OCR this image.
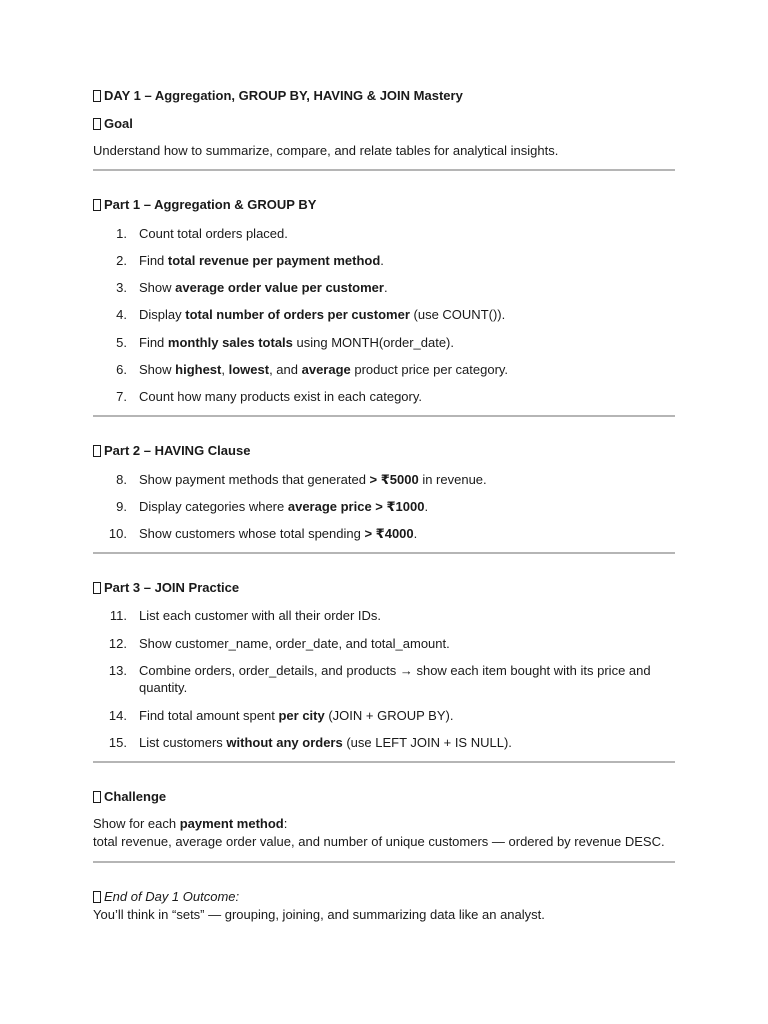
DAY 1 – Aggregation, GROUP BY, HAVING & JOIN Mastery
Goal
Understand how to summarize, compare, and relate tables for analytical insights.
Part 1 – Aggregation & GROUP BY
1. Count total orders placed.
2. Find total revenue per payment method.
3. Show average order value per customer.
4. Display total number of orders per customer (use COUNT()).
5. Find monthly sales totals using MONTH(order_date).
6. Show highest, lowest, and average product price per category.
7. Count how many products exist in each category.
Part 2 – HAVING Clause
8. Show payment methods that generated > ₹5000 in revenue.
9. Display categories where average price > ₹1000.
10. Show customers whose total spending > ₹4000.
Part 3 – JOIN Practice
11. List each customer with all their order IDs.
12. Show customer_name, order_date, and total_amount.
13. Combine orders, order_details, and products → show each item bought with its price and quantity.
14. Find total amount spent per city (JOIN + GROUP BY).
15. List customers without any orders (use LEFT JOIN + IS NULL).
Challenge
Show for each payment method:
total revenue, average order value, and number of unique customers — ordered by revenue DESC.
End of Day 1 Outcome:
You’ll think in “sets” — grouping, joining, and summarizing data like an analyst.
